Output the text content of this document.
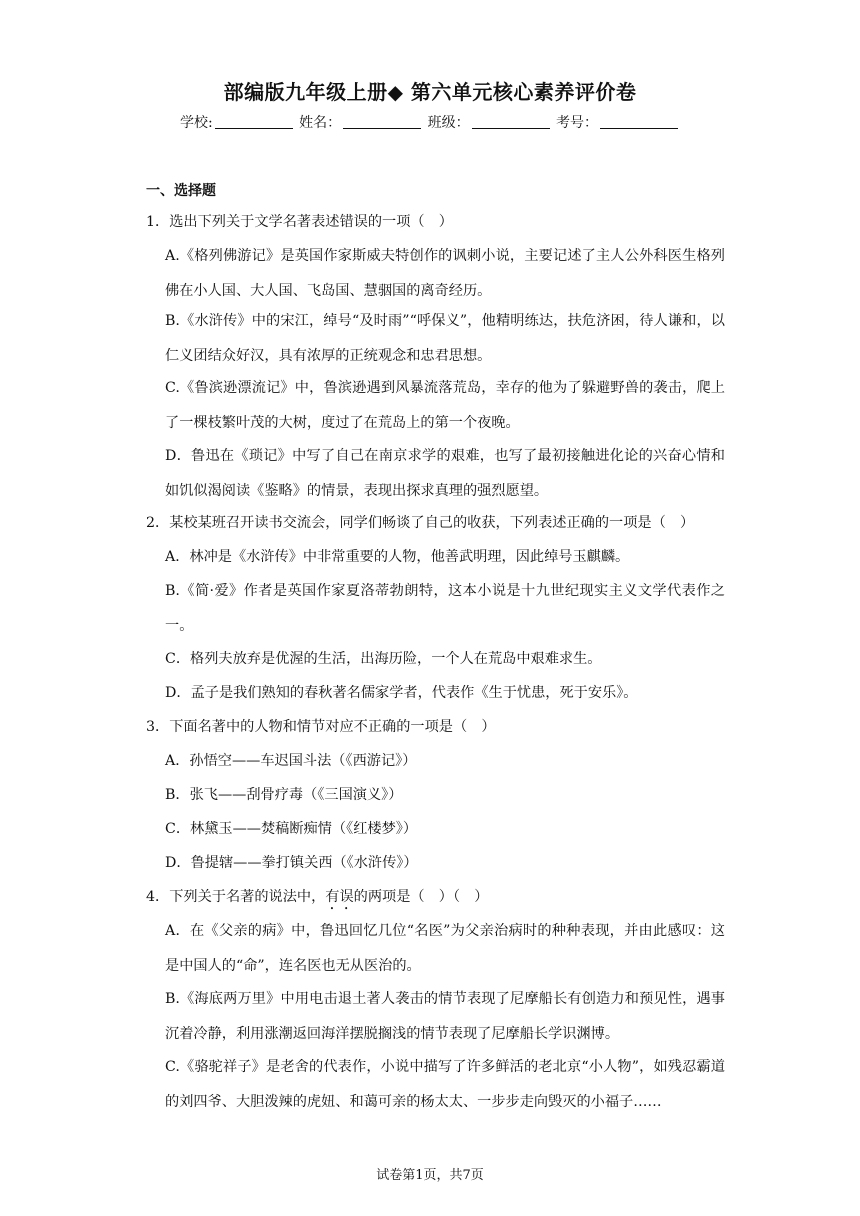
部编版九年级上册◆ 第六单元核心素养评价卷
学校:	姓名：	班级：	考号：
一、选择题
1．选出下列关于文学名著表述错误的一项（　）
A.《格列佛游记》是英国作家斯威夫特创作的讽刺小说，主要记述了主人公外科医生格列佛在小人国、大人国、飞岛国、慧骃国的离奇经历。
B.《水浒传》中的宋江，绰号“及时雨”“呼保义”，他精明练达，扶危济困，待人谦和，以仁义团结众好汉，具有浓厚的正统观念和忠君思想。
C.《鲁滨逊漂流记》中，鲁滨逊遇到风暴流落荒岛，幸存的他为了躲避野兽的袭击，爬上了一棵枝繁叶茂的大树，度过了在荒岛上的第一个夜晚。
D．鲁迅在《琐记》中写了自己在南京求学的艰难，也写了最初接触进化论的兴奋心情和如饥似渴阅读《鉴略》的情景，表现出探求真理的强烈愿望。
2．某校某班召开读书交流会，同学们畅谈了自己的收获，下列表述正确的一项是（　）
A．林冲是《水浒传》中非常重要的人物，他善武明理，因此绰号玉麒麟。
B.《简·爱》作者是英国作家夏洛蒂勃朗特，这本小说是十九世纪现实主义文学代表作之一。
C．格列夫放弃是优渥的生活，出海历险，一个人在荒岛中艰难求生。
D．孟子是我们熟知的春秋著名儒家学者，代表作《生于忧患，死于安乐》。
3．下面名著中的人物和情节对应不正确的一项是（　）
A．孙悟空——车迟国斗法（《西游记》）
B．张飞——刮骨疗毒（《三国演义》）
C．林黛玉——焚稿断痴情（《红楼梦》）
D．鲁提辖——拳打镇关西（《水浒传》）
4．下列关于名著的说法中，有误的两项是（　）（　）
A．在《父亲的病》中，鲁迅回忆几位“名医”为父亲治病时的种种表现，并由此感叹：这是中国人的“命”，连名医也无从医治的。
B.《海底两万里》中用电击退土著人袭击的情节表现了尼摩船长有创造力和预见性，遇事沉着冷静，利用涨潮返回海洋摆脱搁浅的情节表现了尼摩船长学识渊博。
C.《骆驼祥子》是老舍的代表作，小说中描写了许多鲜活的老北京“小人物”，如残忍霸道的刘四爷、大胆泼辣的虎妞、和蔼可亲的杨太太、一步步走向毁灭的小福子……
试卷第1页，共7页
